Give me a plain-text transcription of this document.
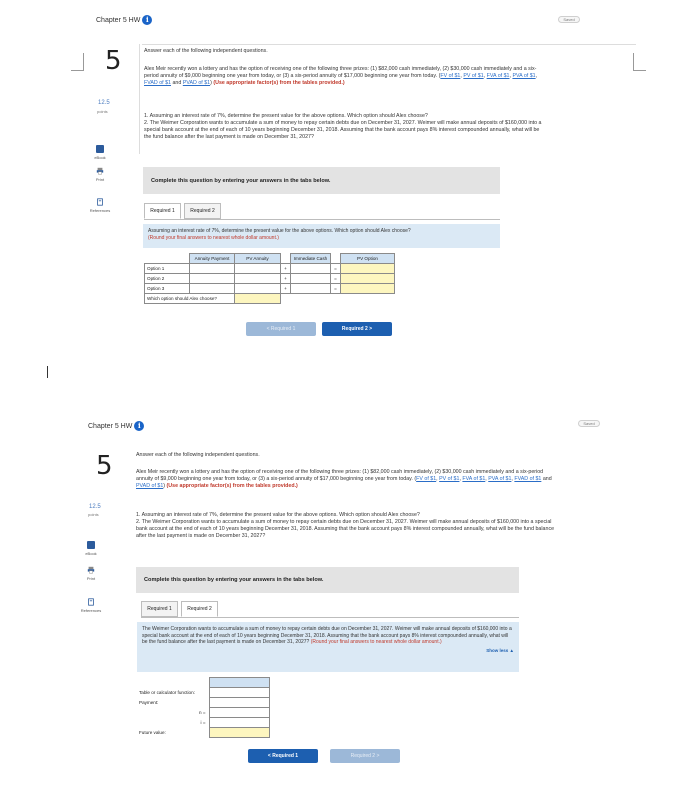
Chapter 5 HW i	Saved
5
12.5
points
eBook
Print
References
Answer each of the following independent questions.
Alex Meir recently won a lottery and has the option of receiving one of the following three prizes: (1) $82,000 cash immediately, (2) $30,000 cash immediately and a six-period annuity of $9,000 beginning one year from today, or (3) a six-period annuity of $17,000 beginning one year from today. (FV of $1, PV of $1, FVA of $1, PVA of $1, FVAD of $1 and PVAD of $1) (Use appropriate factor(s) from the tables provided.)
1. Assuming an interest rate of 7%, determine the present value for the above options. Which option should Alex choose?
2. The Weimer Corporation wants to accumulate a sum of money to repay certain debts due on December 31, 2027. Weimer will make annual deposits of $160,000 into a special bank account at the end of each of 10 years beginning December 31, 2018. Assuming that the bank account pays 8% interest compounded annually, what will be the fund balance after the last payment is made on December 31, 2027?
Complete this question by entering your answers in the tabs below.
Required 1	Required 2
Assuming an interest rate of 7%, determine the present value for the above options. Which option should Alex choose?
(Round your final answers to nearest whole dollar amount.)
	Annuity Payment	PV Annuity		Immediate Cash		PV Option
Option 1			+		=	
Option 2			+		=	
Option 3			+		=	
Which option should Alex choose?						
< Required 1	Required 2 >
Chapter 5 HW i	Saved
5
12.5
points
eBook
Print
References
Answer each of the following independent questions.
Alex Meir recently won a lottery and has the option of receiving one of the following three prizes: (1) $82,000 cash immediately, (2) $30,000 cash immediately and a six-period annuity of $9,000 beginning one year from today, or (3) a six-period annuity of $17,000 beginning one year from today. (FV of $1, PV of $1, FVA of $1, PVA of $1, FVAD of $1 and PVAD of $1) (Use appropriate factor(s) from the tables provided.)
1. Assuming an interest rate of 7%, determine the present value for the above options. Which option should Alex choose?
2. The Weimer Corporation wants to accumulate a sum of money to repay certain debts due on December 31, 2027. Weimer will make annual deposits of $160,000 into a special bank account at the end of each of 10 years beginning December 31, 2018. Assuming that the bank account pays 8% interest compounded annually, what will be the fund balance after the last payment is made on December 31, 2027?
Complete this question by entering your answers in the tabs below.
Required 1	Required 2
The Weimer Corporation wants to accumulate a sum of money to repay certain debts due on December 31, 2027. Weimer will make annual deposits of $160,000 into a special bank account at the end of each of 10 years beginning December 31, 2018. Assuming that the bank account pays 8% interest compounded annually, what will be the fund balance after the last payment is made on December 31, 2027? (Round your final answers to nearest whole dollar amount.)
Show less ▲

Table or calculator function:	
Payment:	
n =	
i =	
Future value:	
< Required 1	Required 2 >
